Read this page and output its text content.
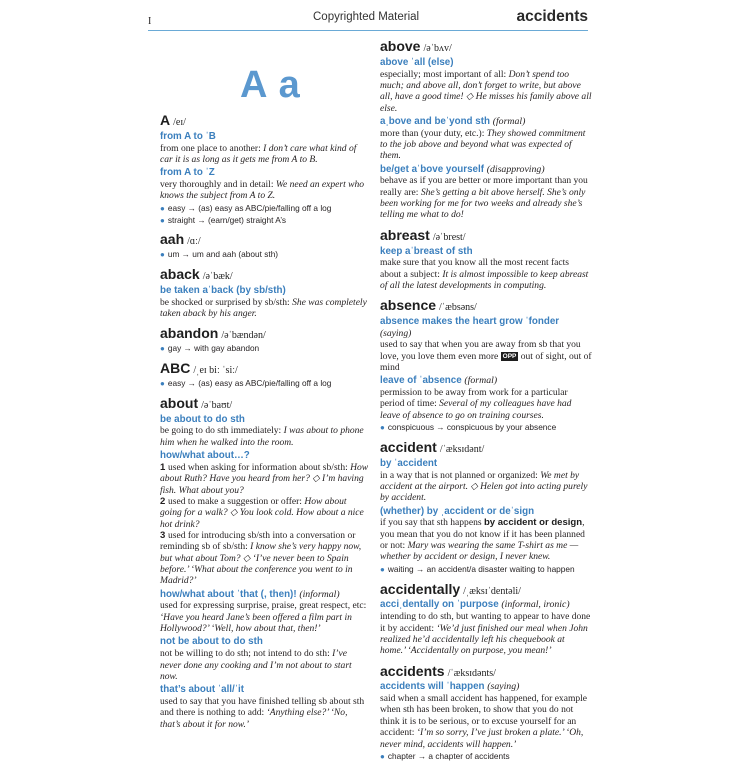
I	Copyrighted Material	accidents
A a
A /eɪ/
from A to ˈB
from one place to another: I don’t care what kind of car it is as long as it gets me from A to B.
from A to ˈZ
very thoroughly and in detail: We need an expert who knows the subject from A to Z.
● easy → (as) easy as ABC/pie/falling off a log
● straight → (earn/get) straight A’s
aah /ɑː/
● um → um and aah (about sth)
aback /əˈbæk/
be taken aˈback (by sb/sth)
be shocked or surprised by sb/sth: She was completely taken aback by his anger.
abandon /əˈbændən/
● gay → with gay abandon
ABC /ˌeɪ biː ˈsiː/
● easy → (as) easy as ABC/pie/falling off a log
about /əˈbaʊt/
be about to do sth
be going to do sth immediately: I was about to phone him when he walked into the room.
how/what about…?
1 used when asking for information about sb/sth: How about Ruth? Have you heard from her? ◇ I’m having fish. What about you?
2 used to make a suggestion or offer: How about going for a walk? ◇ You look cold. How about a nice hot drink?
3 used for introducing sb/sth into a conversation or reminding sb of sb/sth: I know she’s very happy now, but what about Tom? ◇ ‘I’ve never been to Spain before.’ ‘What about the conference you went to in Madrid?’
how/what about ˈthat (, then)! (informal)
used for expressing surprise, praise, great respect, etc: ‘Have you heard Jane’s been offered a film part in Hollywood?’ ‘Well, how about that, then!’
not be about to do sth
not be willing to do sth; not intend to do sth: I’ve never done any cooking and I’m not about to start now.
that’s about ˈall/ˈit
used to say that you have finished telling sb about sth and there is nothing to add: ‘Anything else?’ ‘No, that’s about it for now.’
above /əˈbʌv/
above ˈall (else)
especially; most important of all: Don’t spend too much; and above all, don’t forget to write, but above all, have a good time! ◇ He misses his family above all else.
aˌbove and beˈyond sth (formal)
more than (your duty, etc.): They showed commitment to the job above and beyond what was expected of them.
be/get aˈbove yourself (disapproving)
behave as if you are better or more important than you really are: She’s getting a bit above herself. She’s only been working for me for two weeks and already she’s telling me what to do!
abreast /əˈbrest/
keep aˈbreast of sth
make sure that you know all the most recent facts about a subject: It is almost impossible to keep abreast of all the latest developments in computing.
absence /ˈæbsəns/
absence makes the heart grow ˈfonder
(saying)
used to say that when you are away from sb that you love, you love them even more OPP out of sight, out of mind
leave of ˈabsence (formal)
permission to be away from work for a particular period of time: Several of my colleagues have had leave of absence to go on training courses.
● conspicuous → conspicuous by your absence
accident /ˈæksɪdənt/
by ˈaccident
in a way that is not planned or organized: We met by accident at the airport. ◇ Helen got into acting purely by accident.
(whether) by ˌaccident or deˈsign
if you say that sth happens by accident or design, you mean that you do not know if it has been planned or not: Mary was wearing the same T-shirt as me — whether by accident or design, I never knew.
● waiting → an accident/a disaster waiting to happen
accidentally /ˌæksɪˈdentəli/
acciˌdentally on ˈpurpose (informal, ironic)
intending to do sth, but wanting to appear to have done it by accident: ‘We’d just finished our meal when John realized he’d accidentally left his chequebook at home.’ ‘Accidentally on purpose, you mean!’
accidents /ˈæksɪdənts/
accidents will ˈhappen (saying)
said when a small accident has happened, for example when sth has been broken, to show that you do not think it is to be serious, or to excuse yourself for an accident: ‘I’m so sorry, I’ve just broken a plate.’ ‘Oh, never mind, accidents will happen.’
● chapter → a chapter of accidents
